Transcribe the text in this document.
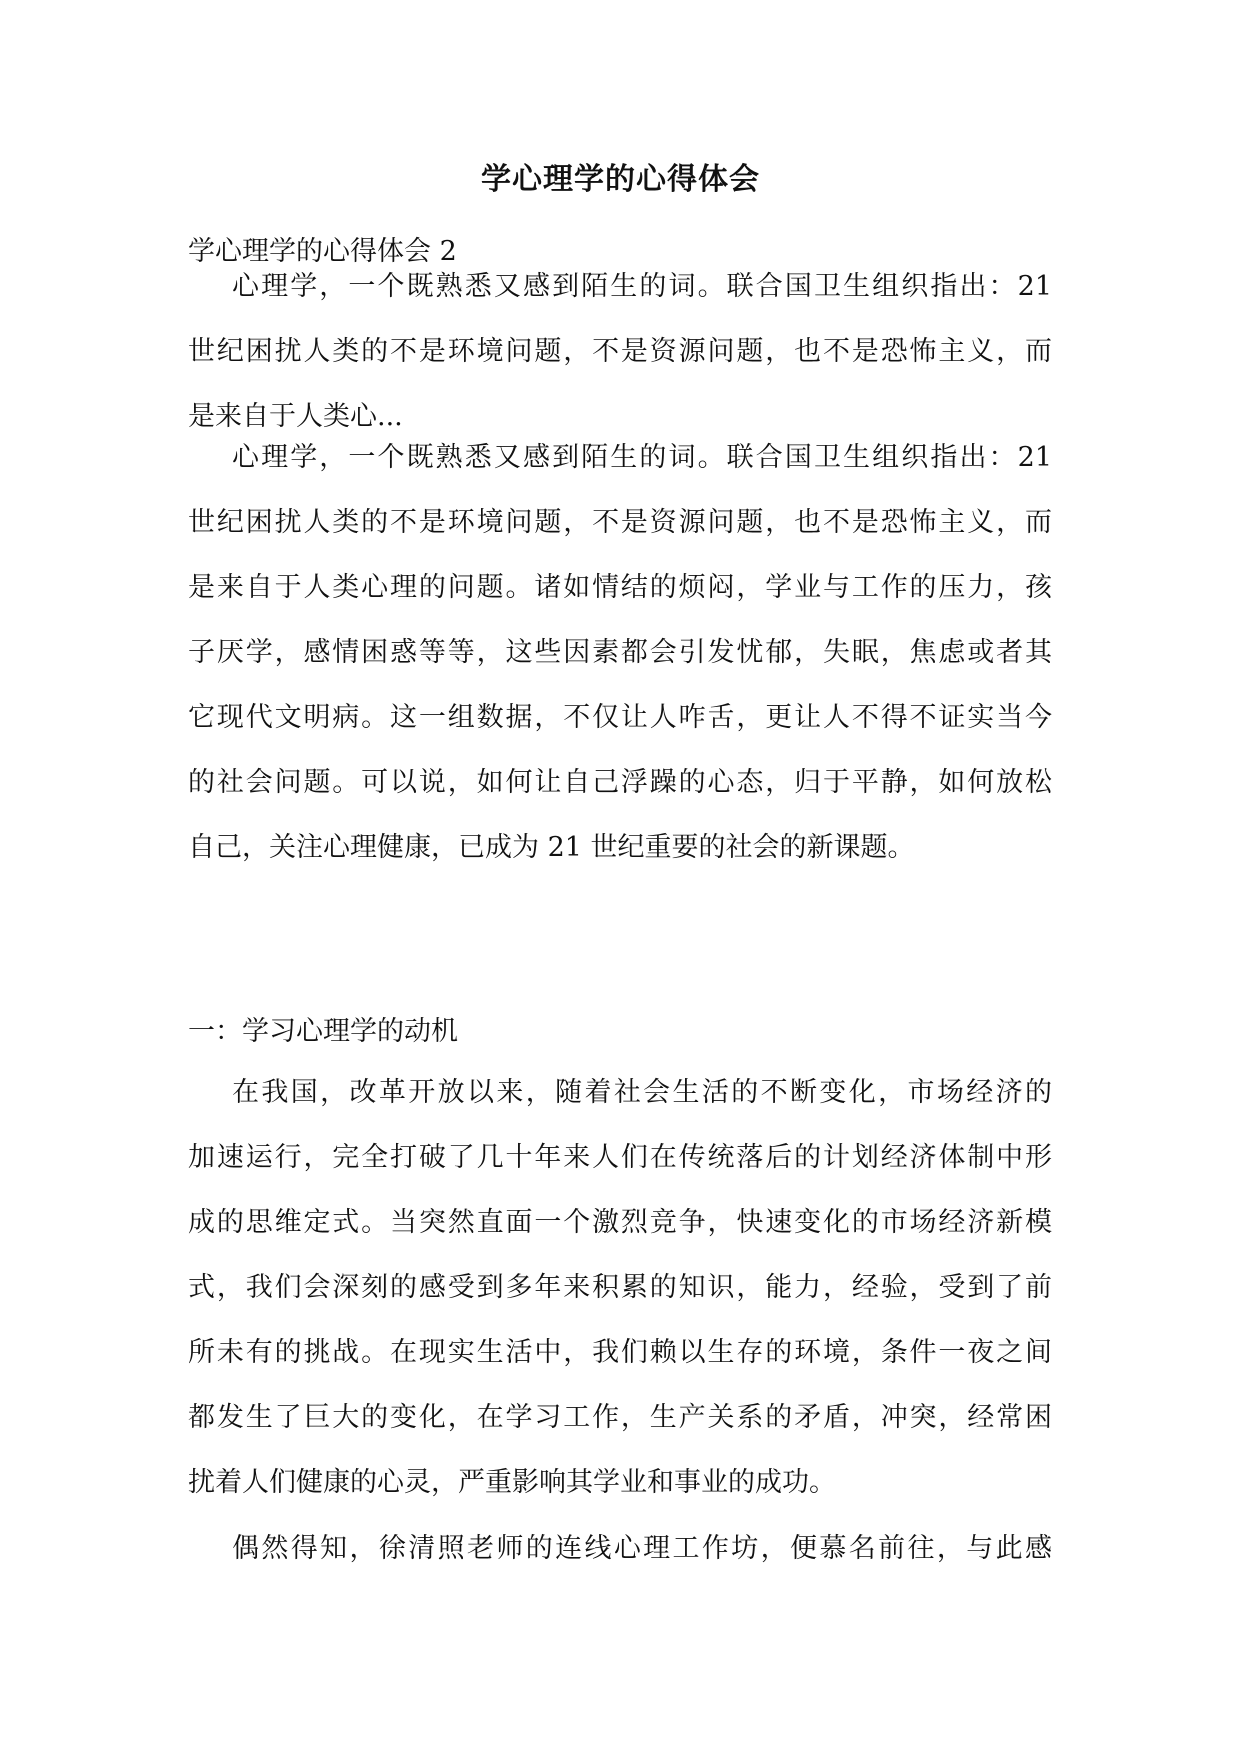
学心理学的心得体会
学心理学的心得体会 2
心理学，一个既熟悉又感到陌生的词。联合国卫生组织指出：21
世纪困扰人类的不是环境问题，不是资源问题，也不是恐怖主义，而
是来自于人类心...
心理学，一个既熟悉又感到陌生的词。联合国卫生组织指出：21
世纪困扰人类的不是环境问题，不是资源问题，也不是恐怖主义，而
是来自于人类心理的问题。诸如情结的烦闷，学业与工作的压力，孩
子厌学，感情困惑等等，这些因素都会引发忧郁，失眠，焦虑或者其
它现代文明病。这一组数据，不仅让人咋舌，更让人不得不证实当今
的社会问题。可以说，如何让自己浮躁的心态，归于平静，如何放松
自己，关注心理健康，已成为 21 世纪重要的社会的新课题。
一：学习心理学的动机
在我国，改革开放以来，随着社会生活的不断变化，市场经济的
加速运行，完全打破了几十年来人们在传统落后的计划经济体制中形
成的思维定式。当突然直面一个激烈竞争，快速变化的市场经济新模
式，我们会深刻的感受到多年来积累的知识，能力，经验，受到了前
所未有的挑战。在现实生活中，我们赖以生存的环境，条件一夜之间
都发生了巨大的变化，在学习工作，生产关系的矛盾，冲突，经常困
扰着人们健康的心灵，严重影响其学业和事业的成功。
偶然得知，徐清照老师的连线心理工作坊，便慕名前往，与此感
